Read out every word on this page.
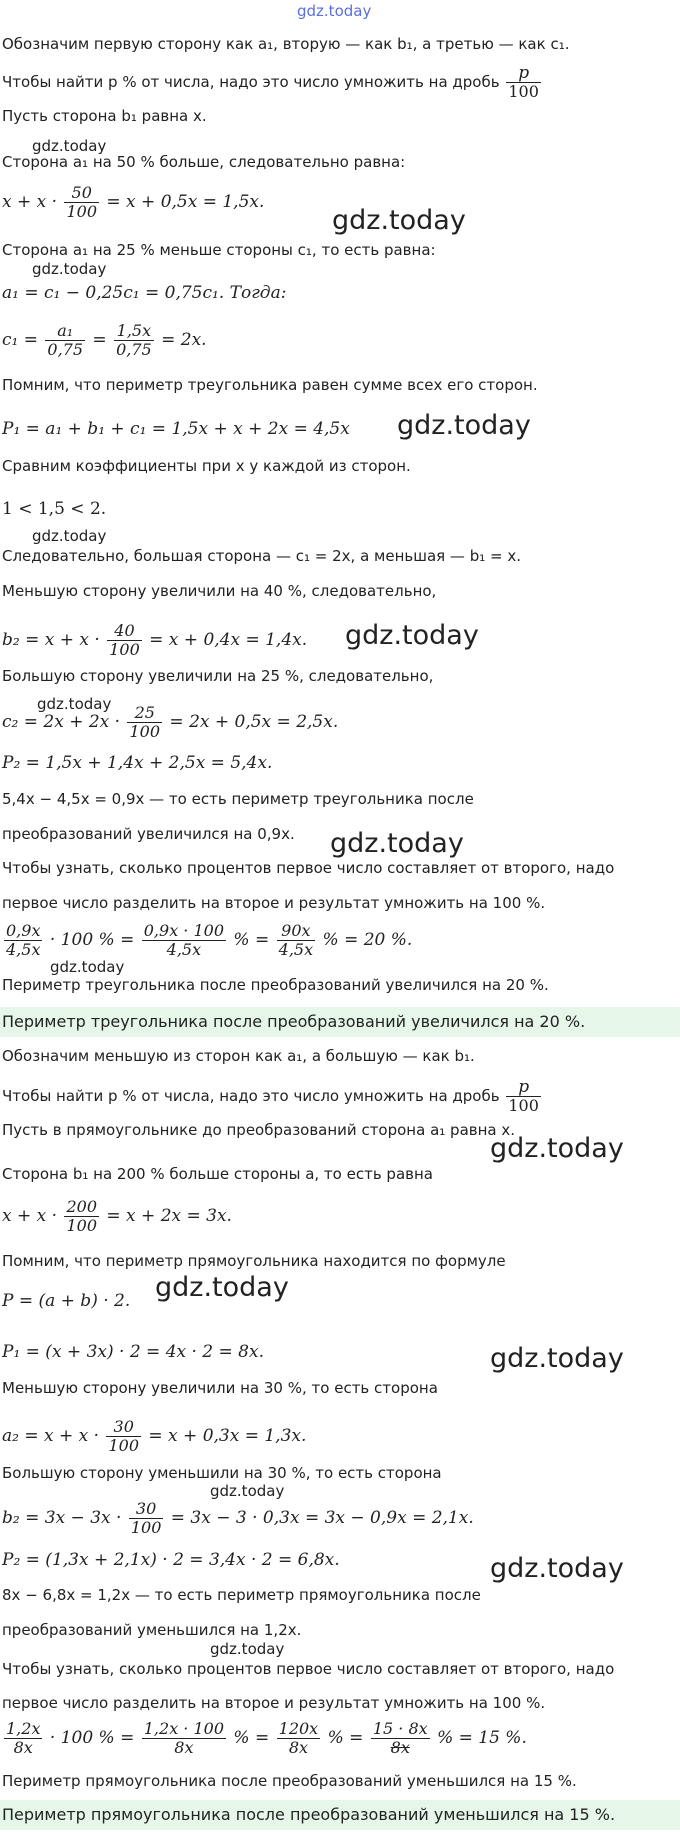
gdz.today
Обозначим первую сторону как a₁, вторую — как b₁, а третью — как c₁.
Чтобы найти p % от числа, надо это число умножить на дробь $\frac{p}{100}$
Пусть сторона b₁ равна x.
gdz.today
Сторона a₁ на 50 % больше, следовательно равна:
$x + x \cdot \frac{50}{100} = x + 0,5x = 1,5x$.
gdz.today
Сторона a₁ на 25 % меньше стороны c₁, то есть равна:
gdz.today
a₁ = c₁ − 0,25c₁ = 0,75c₁. Тогда:
$c_1 = \frac{\text{a₁}}{0,75} = \frac{1,5x}{0,75} = 2x$.
Помним, что периметр треугольника равен сумме всех его сторон.
P₁ = a₁ + b₁ + c₁ = 1,5x + x + 2x = 4,5x gdz.today
Сравним коэффициенты при x у каждой из сторон.
1 < 1,5 < 2.
gdz.today
Следовательно, большая сторона — c₁ = 2x, а меньшая — b₁ = x.
Меньшую сторону увеличили на 40 %, следовательно,
$b_2 = x + x \cdot \frac{40}{100} = x + 0,4x = 1,4x$. gdz.today
Большую сторону увеличили на 25 %, следовательно,
gdz.today
$c_2 = 2x + 2x \cdot \frac{25}{100} = 2x + 0,5x = 2,5x$.
P₂ = 1,5x + 1,4x + 2,5x = 5,4x.
5,4x − 4,5x = 0,9x — то есть периметр треугольника после
преобразований увеличился на 0,9x. gdz.today
Чтобы узнать, сколько процентов первое число составляет от второго, надо
первое число разделить на второе и результат умножить на 100 %.
$\frac{0,9x}{4,5x} \cdot 100$ % = $\frac{0,9x \cdot 100}{4,5x}$ % = $\frac{90x}{4,5x}$ % = 20 %.
gdz.today
Периметр треугольника после преобразований увеличился на 20 %.
Периметр треугольника после преобразований увеличился на 20 %.
Обозначим меньшую из сторон как a₁, а большую — как b₁.
Чтобы найти p % от числа, надо это число умножить на дробь $\frac{p}{100}$
Пусть в прямоугольнике до преобразований сторона a₁ равна x.
gdz.today
Сторона b₁ на 200 % больше стороны a, то есть равна
$x + x \cdot \frac{200}{100} = x + 2x = 3x$.
Помним, что периметр прямоугольника находится по формуле
P = (a + b) · 2. gdz.today
P₁ = (x + 3x) · 2 = 4x · 2 = 8x.	gdz.today
Меньшую сторону увеличили на 30 %, то есть сторона
$a_2 = x + x \cdot \frac{30}{100} = x + 0,3x = 1,3x$.
Большую сторону уменьшили на 30 %, то есть сторона
gdz.today
$b_2 = 3x - 3x \cdot \frac{30}{100} = 3x - 3 \cdot 0,3x = 3x - 0,9x = 2,1x$.
P₂ = (1,3x + 2,1x) · 2 = 3,4x · 2 = 6,8x.	gdz.today
8x − 6,8x = 1,2x — то есть периметр прямоугольника после
преобразований уменьшился на 1,2x.
gdz.today
Чтобы узнать, сколько процентов первое число составляет от второго, надо
первое число разделить на второе и результат умножить на 100 %.
$\frac{1,2x}{8x} \cdot 100$ % = $\frac{1,2x \cdot 100}{8x}$ % = $\frac{120x}{8x}$ % = $\frac{15 \cdot 8x}{8x}$ % = 15 %.
Периметр прямоугольника после преобразований уменьшился на 15 %.
Периметр прямоугольника после преобразований уменьшился на 15 %.
